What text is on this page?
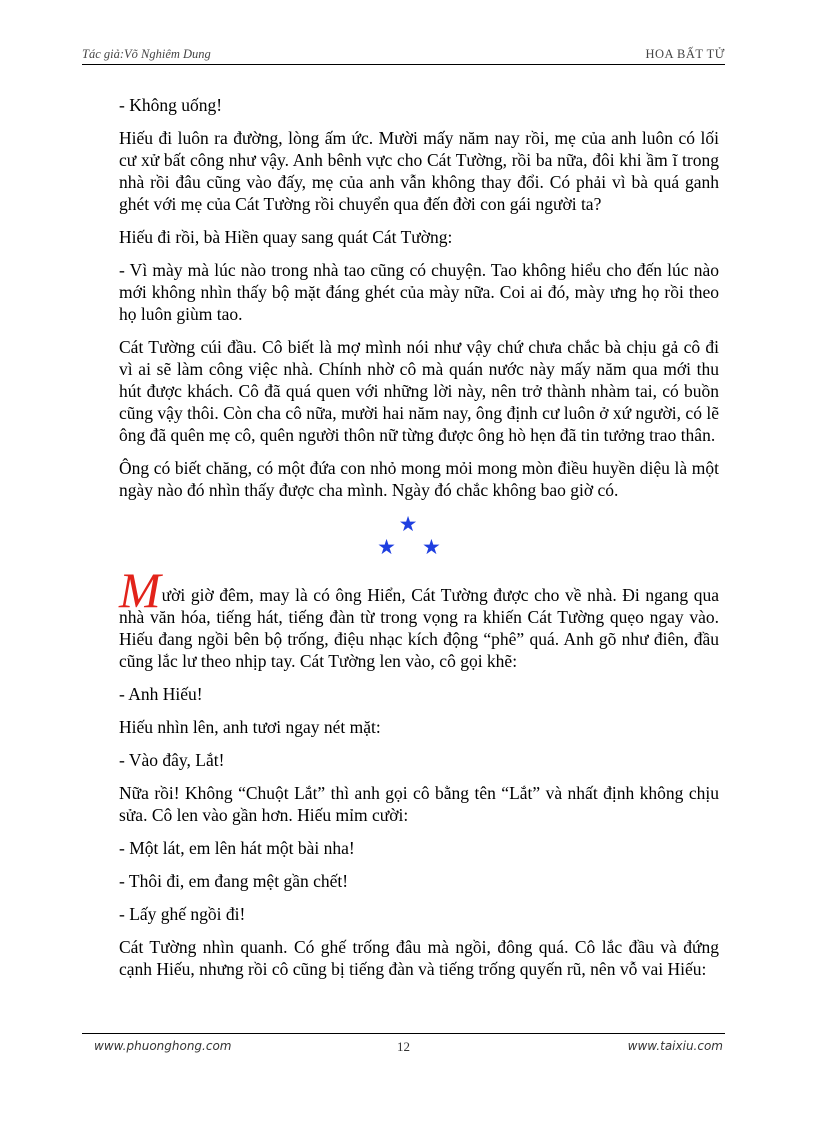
Tác giả:Võ Nghiêm Dung	HOA BẤT TỬ

- Không uống!

Hiếu đi luôn ra đường, lòng ấm ức. Mười mấy năm nay rồi, mẹ của anh luôn có lối cư xử bất công như vậy. Anh bênh vực cho Cát Tường, rồi ba nữa, đôi khi ầm ĩ trong nhà rồi đâu cũng vào đấy, mẹ của anh vẫn không thay đổi. Có phải vì bà quá ganh ghét với mẹ của Cát Tường rồi chuyển qua đến đời con gái người ta?

Hiếu đi rồi, bà Hiền quay sang quát Cát Tường:

- Vì mày mà lúc nào trong nhà tao cũng có chuyện. Tao không hiểu cho đến lúc nào mới không nhìn thấy bộ mặt đáng ghét của mày nữa. Coi ai đó, mày ưng họ rồi theo họ luôn giùm tao.

Cát Tường cúi đầu. Cô biết là mợ mình nói như vậy chứ chưa chắc bà chịu gả cô đi vì ai sẽ làm công việc nhà. Chính nhờ cô mà quán nước này mấy năm qua mới thu hút được khách. Cô đã quá quen với những lời này, nên trở thành nhàm tai, có buồn cũng vậy thôi. Còn cha cô nữa, mười hai năm nay, ông định cư luôn ở xứ người, có lẽ ông đã quên mẹ cô, quên người thôn nữ từng được ông hò hẹn đã tin tưởng trao thân.

Ông có biết chăng, có một đứa con nhỏ mong mỏi mong mòn điều huyền diệu là một ngày nào đó nhìn thấy được cha mình. Ngày đó chắc không bao giờ có.

★
★★

Mười giờ đêm, may là có ông Hiển, Cát Tường được cho về nhà. Đi ngang qua nhà văn hóa, tiếng hát, tiếng đàn từ trong vọng ra khiến Cát Tường quẹo ngay vào. Hiếu đang ngồi bên bộ trống, điệu nhạc kích động “phê” quá. Anh gõ như điên, đầu cũng lắc lư theo nhịp tay. Cát Tường len vào, cô gọi khẽ:

- Anh Hiếu!

Hiếu nhìn lên, anh tươi ngay nét mặt:

- Vào đây, Lắt!

Nữa rồi! Không “Chuột Lắt” thì anh gọi cô bằng tên “Lắt” và nhất định không chịu sửa. Cô len vào gần hơn. Hiếu mỉm cười:

- Một lát, em lên hát một bài nha!

- Thôi đi, em đang mệt gần chết!

- Lấy ghế ngồi đi!

Cát Tường nhìn quanh. Có ghế trống đâu mà ngồi, đông quá. Cô lắc đầu và đứng cạnh Hiếu, nhưng rồi cô cũng bị tiếng đàn và tiếng trống quyến rũ, nên vỗ vai Hiếu:

www.phuonghong.com	12	www.taixiu.com
